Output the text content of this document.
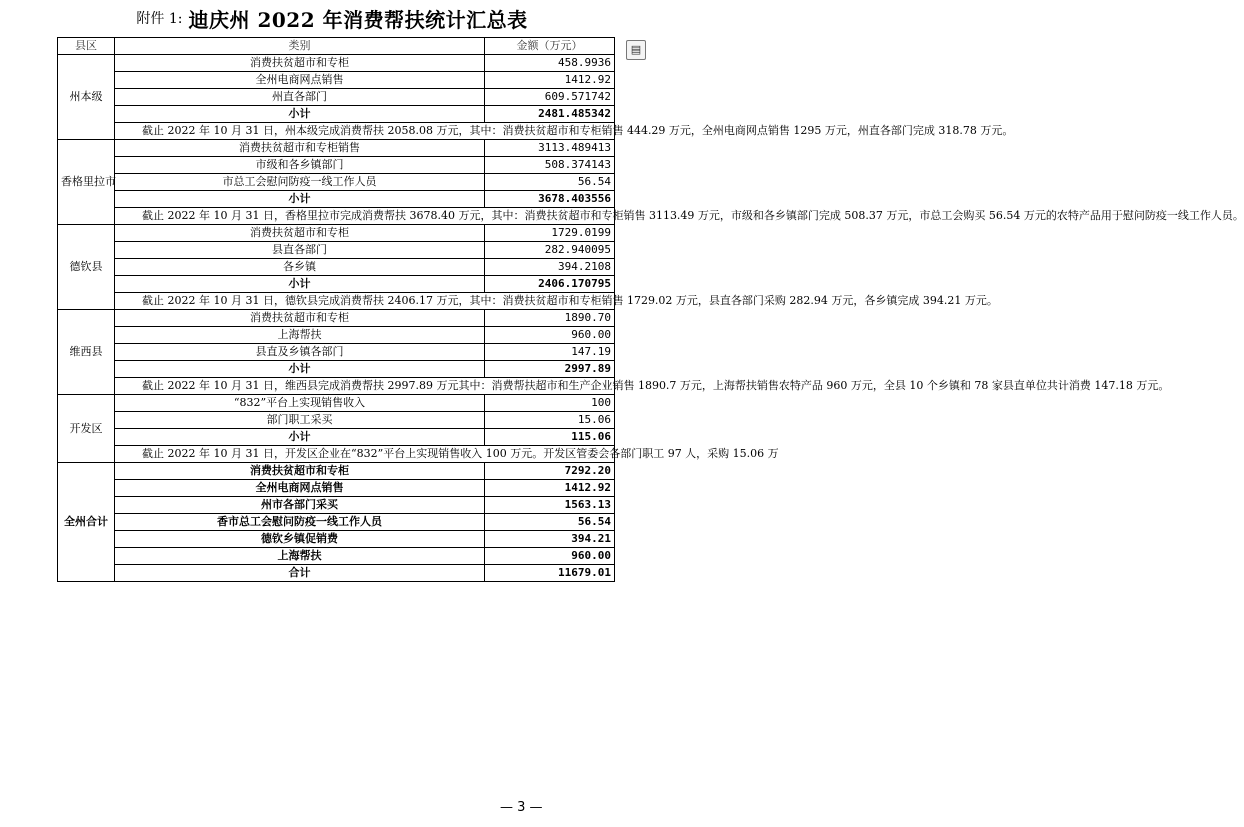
附件 1: 迪庆州 2022 年消费帮扶统计汇总表
▤
县区	类别	金额（万元）
州本级	消费扶贫超市和专柜	458.9936
	全州电商网点销售	1412.92
	州直各部门	609.571742
	小计	2481.485342
	截止 2022 年 10 月 31 日，州本级完成消费帮扶 2058.08 万元，其中：消费扶贫超市和专柜销售 444.29 万元，全州电商网点销售 1295 万元，州直各部门完成 318.78 万元。	
香格里拉市	消费扶贫超市和专柜销售	3113.489413
	市级和各乡镇部门	508.374143
	市总工会慰问防疫一线工作人员	56.54
	小计	3678.403556
	截止 2022 年 10 月 31 日，香格里拉市完成消费帮扶 3678.40 万元，其中：消费扶贫超市和专柜销售 3113.49 万元，市级和各乡镇部门完成 508.37 万元，市总工会购买 56.54 万元的农特产品用于慰问防疫一线工作人员。	
德钦县	消费扶贫超市和专柜	1729.0199
	县直各部门	282.940095
	各乡镇	394.2108
	小计	2406.170795
	截止 2022 年 10 月 31 日，德钦县完成消费帮扶 2406.17 万元，其中：消费扶贫超市和专柜销售 1729.02 万元，县直各部门采购 282.94 万元，各乡镇完成 394.21 万元。	
维西县	消费扶贫超市和专柜	1890.70
	上海帮扶	960.00
	县直及乡镇各部门	147.19
	小计	2997.89
	截止 2022 年 10 月 31 日，维西县完成消费帮扶 2997.89 万元其中：消费帮扶超市和生产企业销售 1890.7 万元，上海帮扶销售农特产品 960 万元，全县 10 个乡镇和 78 家县直单位共计消费 147.18 万元。	
开发区	“832”平台上实现销售收入	100
	部门职工采买	15.06
	小计	115.06
	截止 2022 年 10 月 31 日，开发区企业在“832”平台上实现销售收入 100 万元。开发区管委会各部门职工 97 人，采购 15.06 万	
全州合计	消费扶贫超市和专柜	7292.20
	全州电商网点销售	1412.92
	州市各部门采买	1563.13
	香市总工会慰问防疫一线工作人员	56.54
	德钦乡镇促销费	394.21
	上海帮扶	960.00
	合计	11679.01
— 3 —
